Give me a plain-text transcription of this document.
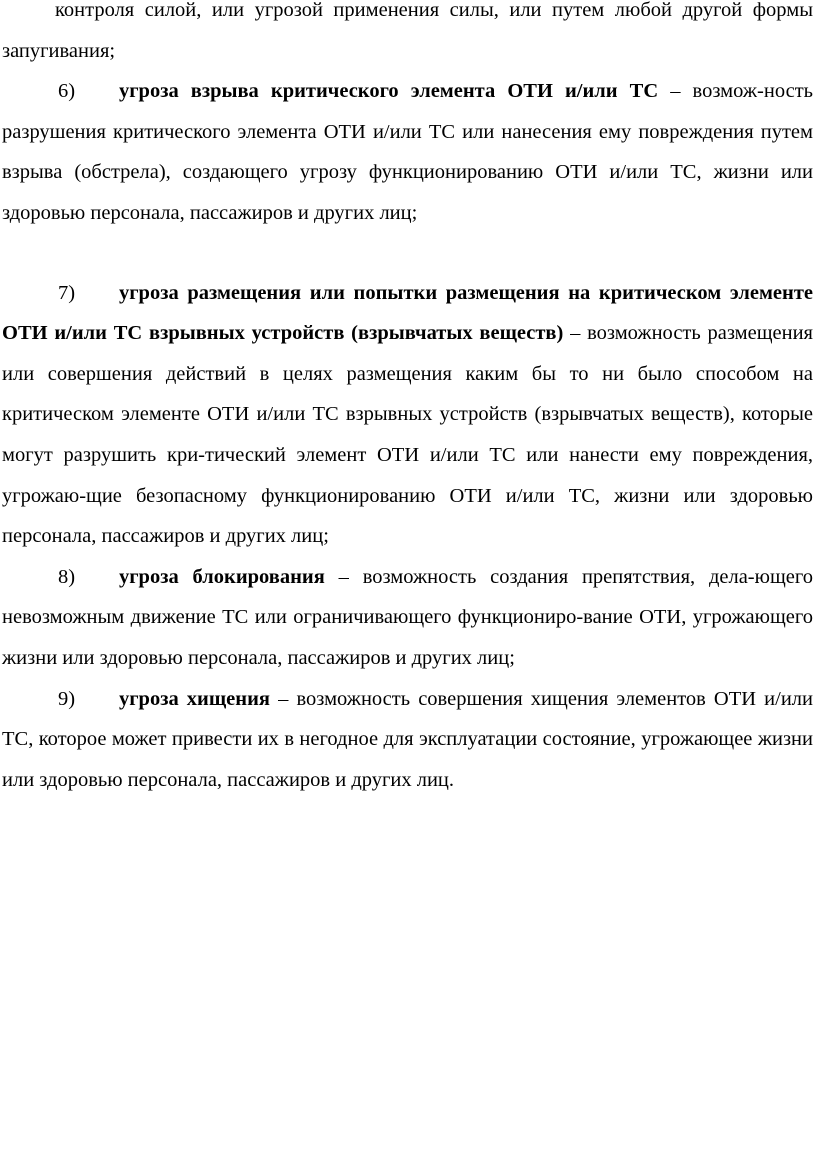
контроля силой, или угрозой применения силы, или путем любой другой формы запугивания;

6) угроза взрыва критического элемента ОТИ и/или ТС – возмож-ность разрушения критического элемента ОТИ и/или ТС или нанесения ему повреждения путем взрыва (обстрела), создающего угрозу функционированию ОТИ и/или ТС, жизни или здоровью персонала, пассажиров и других лиц;

7) угроза размещения или попытки размещения на критическом элементе ОТИ и/или ТС взрывных устройств (взрывчатых веществ) – возможность размещения или совершения действий в целях размещения каким бы то ни было способом на критическом элементе ОТИ и/или ТС взрывных устройств (взрывчатых веществ), которые могут разрушить кри-тический элемент ОТИ и/или ТС или нанести ему повреждения, угрожаю-щие безопасному функционированию ОТИ и/или ТС, жизни или здоровью персонала, пассажиров и других лиц;

8) угроза блокирования – возможность создания препятствия, дела-ющего невозможным движение ТС или ограничивающего функциониро-вание ОТИ, угрожающего жизни или здоровью персонала, пассажиров и других лиц;

9) угроза хищения – возможность совершения хищения элементов ОТИ и/или ТС, которое может привести их в негодное для эксплуатации состояние, угрожающее жизни или здоровью персонала, пассажиров и других лиц.
